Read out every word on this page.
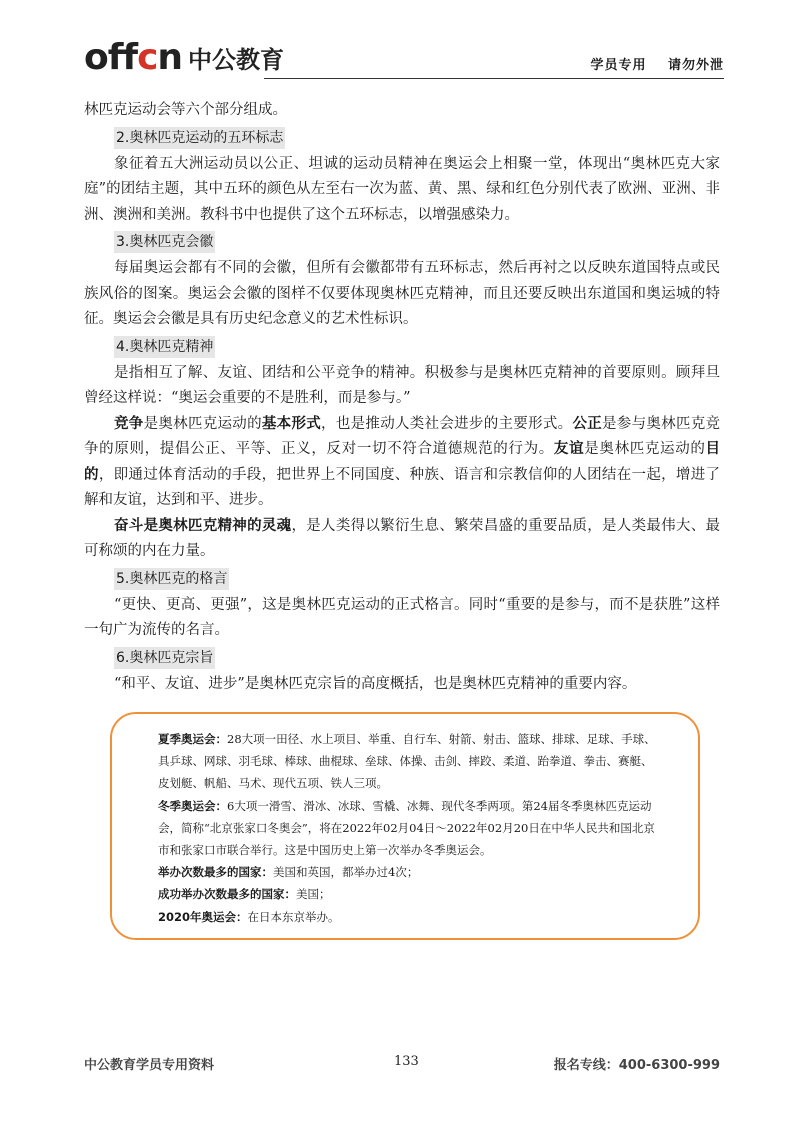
offcn 中公教育	学员专用 请勿外泄

林匹克运动会等六个部分组成。

2.奥林匹克运动的五环标志

象征着五大洲运动员以公正、坦诚的运动员精神在奥运会上相聚一堂，体现出“奥林匹克大家庭”的团结主题，其中五环的颜色从左至右一次为蓝、黄、黑、绿和红色分别代表了欧洲、亚洲、非洲、澳洲和美洲。教科书中也提供了这个五环标志，以增强感染力。

3.奥林匹克会徽

每届奥运会都有不同的会徽，但所有会徽都带有五环标志，然后再衬之以反映东道国特点或民族风俗的图案。奥运会会徽的图样不仅要体现奥林匹克精神，而且还要反映出东道国和奥运城的特征。奥运会会徽是具有历史纪念意义的艺术性标识。

4.奥林匹克精神

是指相互了解、友谊、团结和公平竞争的精神。积极参与是奥林匹克精神的首要原则。顾拜旦曾经这样说：“奥运会重要的不是胜利，而是参与。”

竞争是奥林匹克运动的基本形式，也是推动人类社会进步的主要形式。公正是参与奥林匹克竞争的原则，提倡公正、平等、正义，反对一切不符合道德规范的行为。友谊是奥林匹克运动的目的，即通过体育活动的手段，把世界上不同国度、种族、语言和宗教信仰的人团结在一起，增进了解和友谊，达到和平、进步。

奋斗是奥林匹克精神的灵魂，是人类得以繁衍生息、繁荣昌盛的重要品质，是人类最伟大、最可称颂的内在力量。

5.奥林匹克的格言

“更快、更高、更强”，这是奥林匹克运动的正式格言。同时“重要的是参与，而不是获胜”这样一句广为流传的名言。

6.奥林匹克宗旨

“和平、友谊、进步”是奥林匹克宗旨的高度概括，也是奥林匹克精神的重要内容。

夏季奥运会：28大项一田径、水上项目、举重、自行车、射箭、射击、篮球、排球、足球、手球、具乒球、网球、羽毛球、棒球、曲棍球、垒球、体操、击剑、摔跤、柔道、跆拳道、拳击、赛艇、皮划艇、帆船、马术、现代五项、铁人三项。

冬季奥运会：6大项一滑雪、滑冰、冰球、雪橇、冰舞、现代冬季两项。第24届冬季奥林匹克运动会，简称“北京张家口冬奥会”，将在2022年02月04日～2022年02月20日在中华人民共和国北京市和张家口市联合举行。这是中国历史上第一次举办冬季奥运会。

举办次数最多的国家：美国和英国，都举办过4次；

成功举办次数最多的国家：美国；

2020年奥运会：在日本东京举办。

中公教育学员专用资料	133	报名专线：400-6300-999
